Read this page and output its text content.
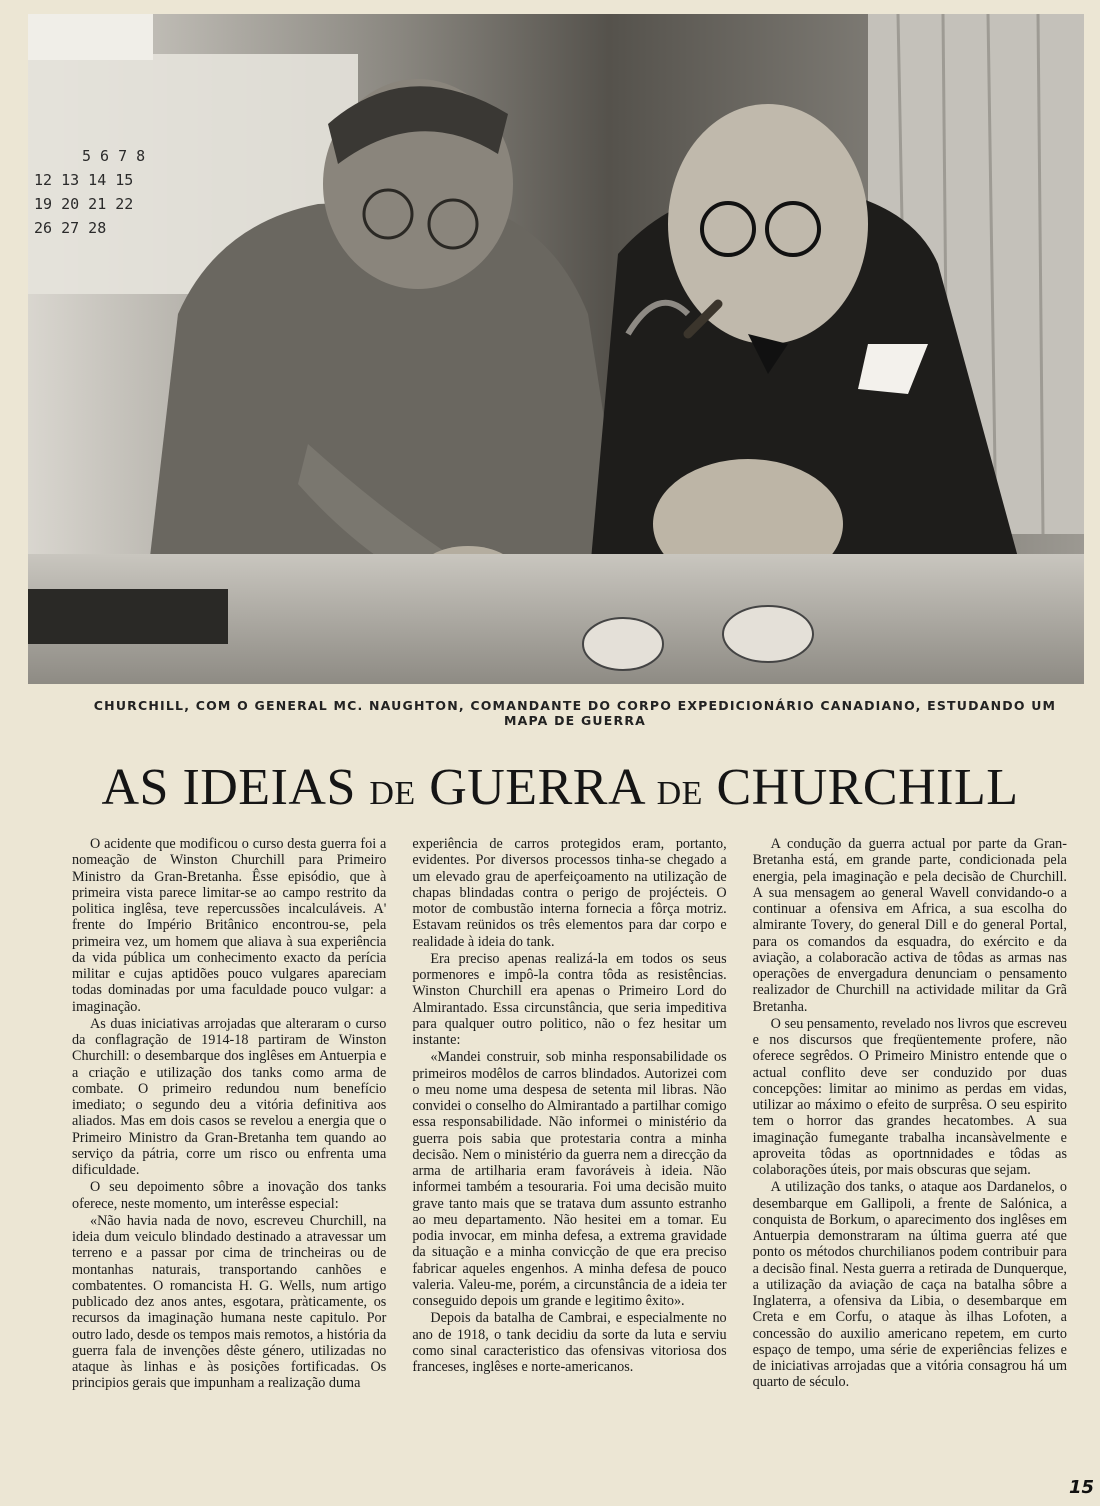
5 6 7 8
12 13 14 15
19 20 21 22
26 27 28
CHURCHILL, COM O GENERAL MC. NAUGHTON, COMANDANTE DO CORPO EXPEDICIONÁRIO CANADIANO, ESTUDANDO UM MAPA DE GUERRA
AS IDEIAS DE GUERRA DE CHURCHILL

O acidente que modificou o curso desta guerra foi a nomeação de Winston Churchill para Primeiro Ministro da Gran-Bretanha. Êsse episódio, que à primeira vista parece limitar-se ao campo restrito da politica inglêsa, teve repercussões incalculáveis. A' frente do Império Britânico encontrou-se, pela primeira vez, um homem que aliava à sua experiência da vida pública um conhecimento exacto da perícia militar e cujas aptidões pouco vulgares apareciam todas dominadas por uma faculdade pouco vulgar: a imaginação.

As duas iniciativas arrojadas que alteraram o curso da conflagração de 1914-18 partiram de Winston Churchill: o desembarque dos inglêses em Antuerpia e a criação e utilização dos tanks como arma de combate. O primeiro redundou num benefício imediato; o segundo deu a vitória definitiva aos aliados. Mas em dois casos se revelou a energia que o Primeiro Ministro da Gran-Bretanha tem quando ao serviço da pátria, corre um risco ou enfrenta uma dificuldade.

O seu depoimento sôbre a inovação dos tanks oferece, neste momento, um interêsse especial:

«Não havia nada de novo, escreveu Churchill, na ideia dum veiculo blindado destinado a atravessar um terreno e a passar por cima de trincheiras ou de montanhas naturais, transportando canhões e combatentes. O romancista H. G. Wells, num artigo publicado dez anos antes, esgotara, pràticamente, os recursos da imaginação humana neste capitulo. Por outro lado, desde os tempos mais remotos, a história da guerra fala de invenções dêste género, utilizadas no ataque às linhas e às posições fortificadas. Os principios gerais que impunham a realização duma

experiência de carros protegidos eram, portanto, evidentes. Por diversos processos tinha-se chegado a um elevado grau de aperfeiçoamento na utilização de chapas blindadas contra o perigo de projécteis. O motor de combustão interna fornecia a fôrça motriz. Estavam reünidos os três elementos para dar corpo e realidade à ideia do tank.

Era preciso apenas realizá-la em todos os seus pormenores e impô-la contra tôda as resistências. Winston Churchill era apenas o Primeiro Lord do Almirantado. Essa circunstância, que seria impeditiva para qualquer outro politico, não o fez hesitar um instante:

«Mandei construir, sob minha responsabilidade os primeiros modêlos de carros blindados. Autorizei com o meu nome uma despesa de setenta mil libras. Não convidei o conselho do Almirantado a partilhar comigo essa responsabilidade. Não informei o ministério da guerra pois sabia que protestaria contra a minha decisão. Nem o ministério da guerra nem a direcção da arma de artilharia eram favoráveis à ideia. Não informei também a tesouraria. Foi uma decisão muito grave tanto mais que se tratava dum assunto estranho ao meu departamento. Não hesitei em a tomar. Eu podia invocar, em minha defesa, a extrema gravidade da situação e a minha convicção de que era preciso fabricar aqueles engenhos. A minha defesa de pouco valeria. Valeu-me, porém, a circunstância de a ideia ter conseguido depois um grande e legitimo êxito».

Depois da batalha de Cambrai, e especialmente no ano de 1918, o tank decidiu da sorte da luta e serviu como sinal caracteristico das ofensivas vitoriosa dos franceses, inglêses e norte-americanos.

A condução da guerra actual por parte da Gran-Bretanha está, em grande parte, condicionada pela energia, pela imaginação e pela decisão de Churchill. A sua mensagem ao general Wavell convidando-o a continuar a ofensiva em Africa, a sua escolha do almirante Tovery, do general Dill e do general Portal, para os comandos da esquadra, do exército e da aviação, a colaboracão activa de tôdas as armas nas operações de envergadura denunciam o pensamento realizador de Churchill na actividade militar da Grã Bretanha.

O seu pensamento, revelado nos livros que escreveu e nos discursos que freqüentemente profere, não oferece segrêdos. O Primeiro Ministro entende que o actual conflito deve ser conduzido por duas concepções: limitar ao minimo as perdas em vidas, utilizar ao máximo o efeito de surprêsa. O seu espirito tem o horror das grandes hecatombes. A sua imaginação fumegante trabalha incansàvelmente e aproveita tôdas as oportnnidades e tôdas as colaborações úteis, por mais obscuras que sejam.

A utilização dos tanks, o ataque aos Dardanelos, o desembarque em Gallipoli, a frente de Salónica, a conquista de Borkum, o aparecimento dos inglêses em Antuerpia demonstraram na última guerra até que ponto os métodos churchilianos podem contribuir para a decisão final. Nesta guerra a retirada de Dunquerque, a utilização da aviação de caça na batalha sôbre a Inglaterra, a ofensiva da Libia, o desembarque em Creta e em Corfu, o ataque às ilhas Lofoten, a concessão do auxilio americano repetem, em curto espaço de tempo, uma série de experiências felizes e de iniciativas arrojadas que a vitória consagrou há um quarto de século.

15
